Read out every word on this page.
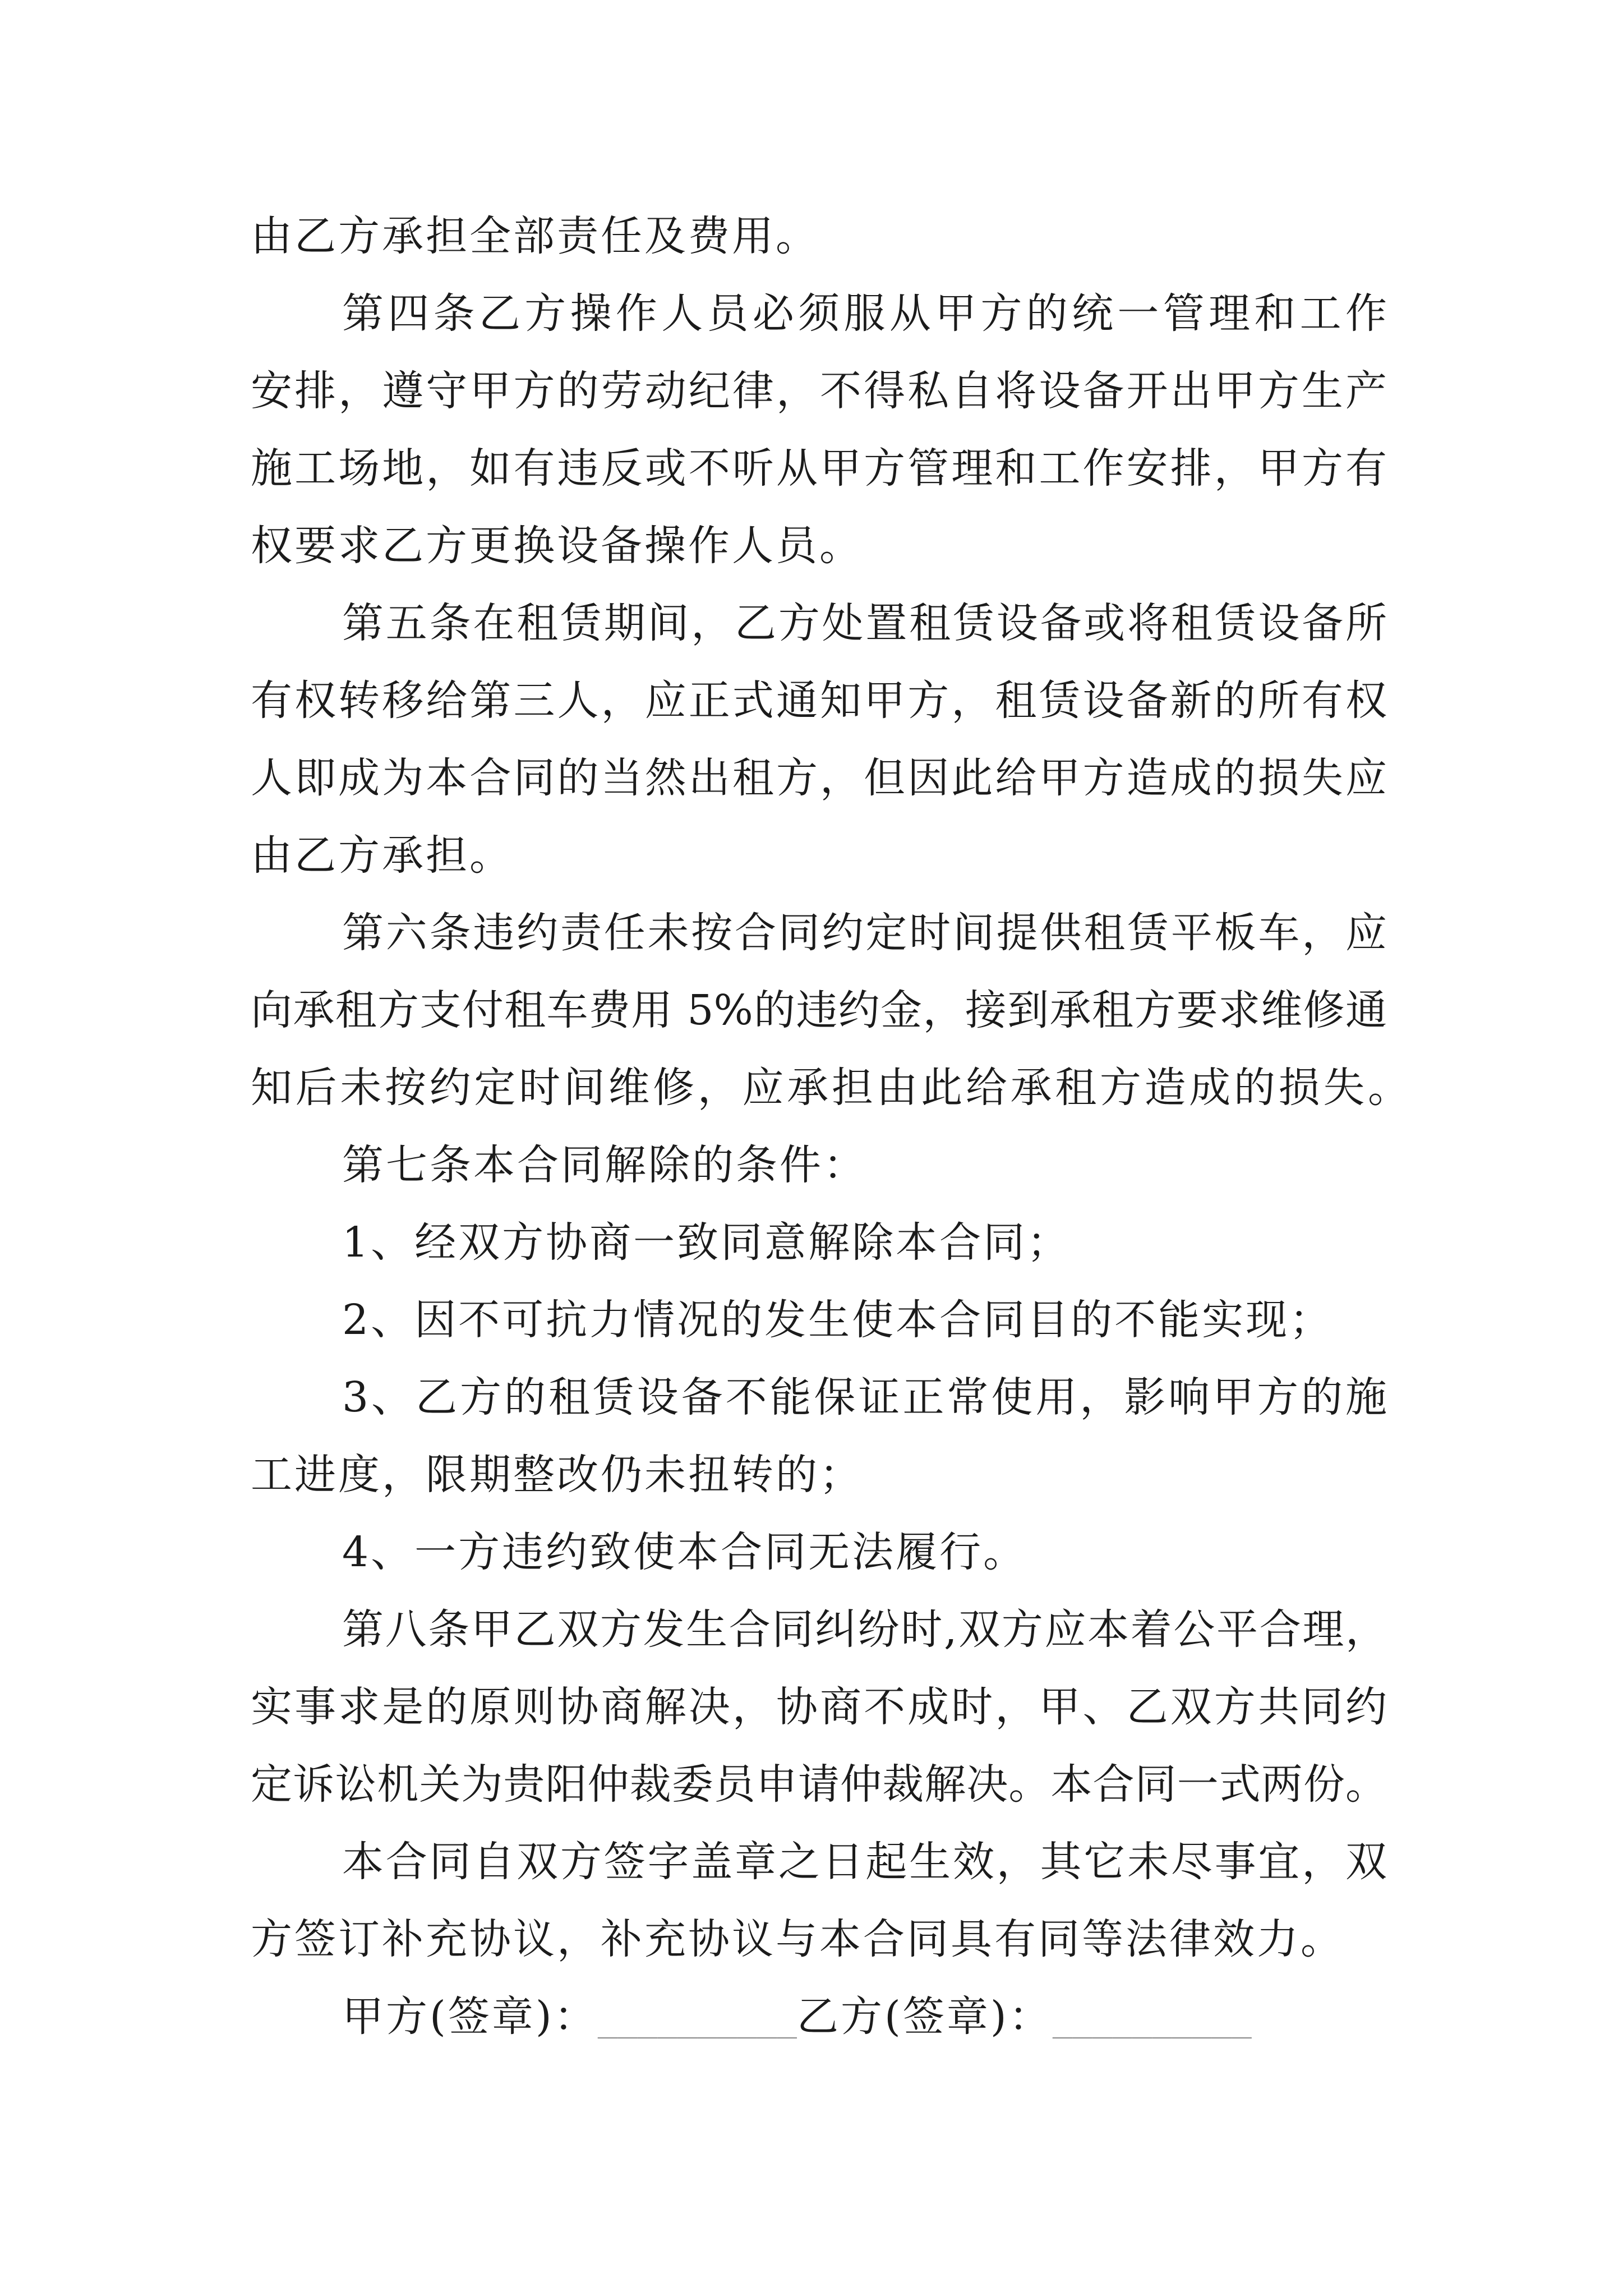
由乙方承担全部责任及费用。
第四条乙方操作人员必须服从甲方的统一管理和工作
安排，遵守甲方的劳动纪律，不得私自将设备开出甲方生产
施工场地，如有违反或不听从甲方管理和工作安排，甲方有
权要求乙方更换设备操作人员。
第五条在租赁期间，乙方处置租赁设备或将租赁设备所
有权转移给第三人，应正式通知甲方，租赁设备新的所有权
人即成为本合同的当然出租方，但因此给甲方造成的损失应
由乙方承担。
第六条违约责任未按合同约定时间提供租赁平板车，应
向承租方支付租车费用 5%的违约金，接到承租方要求维修通
知后未按约定时间维修，应承担由此给承租方造成的损失。
第七条本合同解除的条件：
1、经双方协商一致同意解除本合同；
2、因不可抗力情况的发生使本合同目的不能实现；
3、乙方的租赁设备不能保证正常使用，影响甲方的施
工进度，限期整改仍未扭转的；
4、一方违约致使本合同无法履行。
第八条甲乙双方发生合同纠纷时,双方应本着公平合理，
实事求是的原则协商解决，协商不成时，甲、乙双方共同约
定诉讼机关为贵阳仲裁委员申请仲裁解决。本合同一式两份。
本合同自双方签字盖章之日起生效，其它未尽事宜，双
方签订补充协议，补充协议与本合同具有同等法律效力。
甲方(签章)：__________乙方(签章)：__________
